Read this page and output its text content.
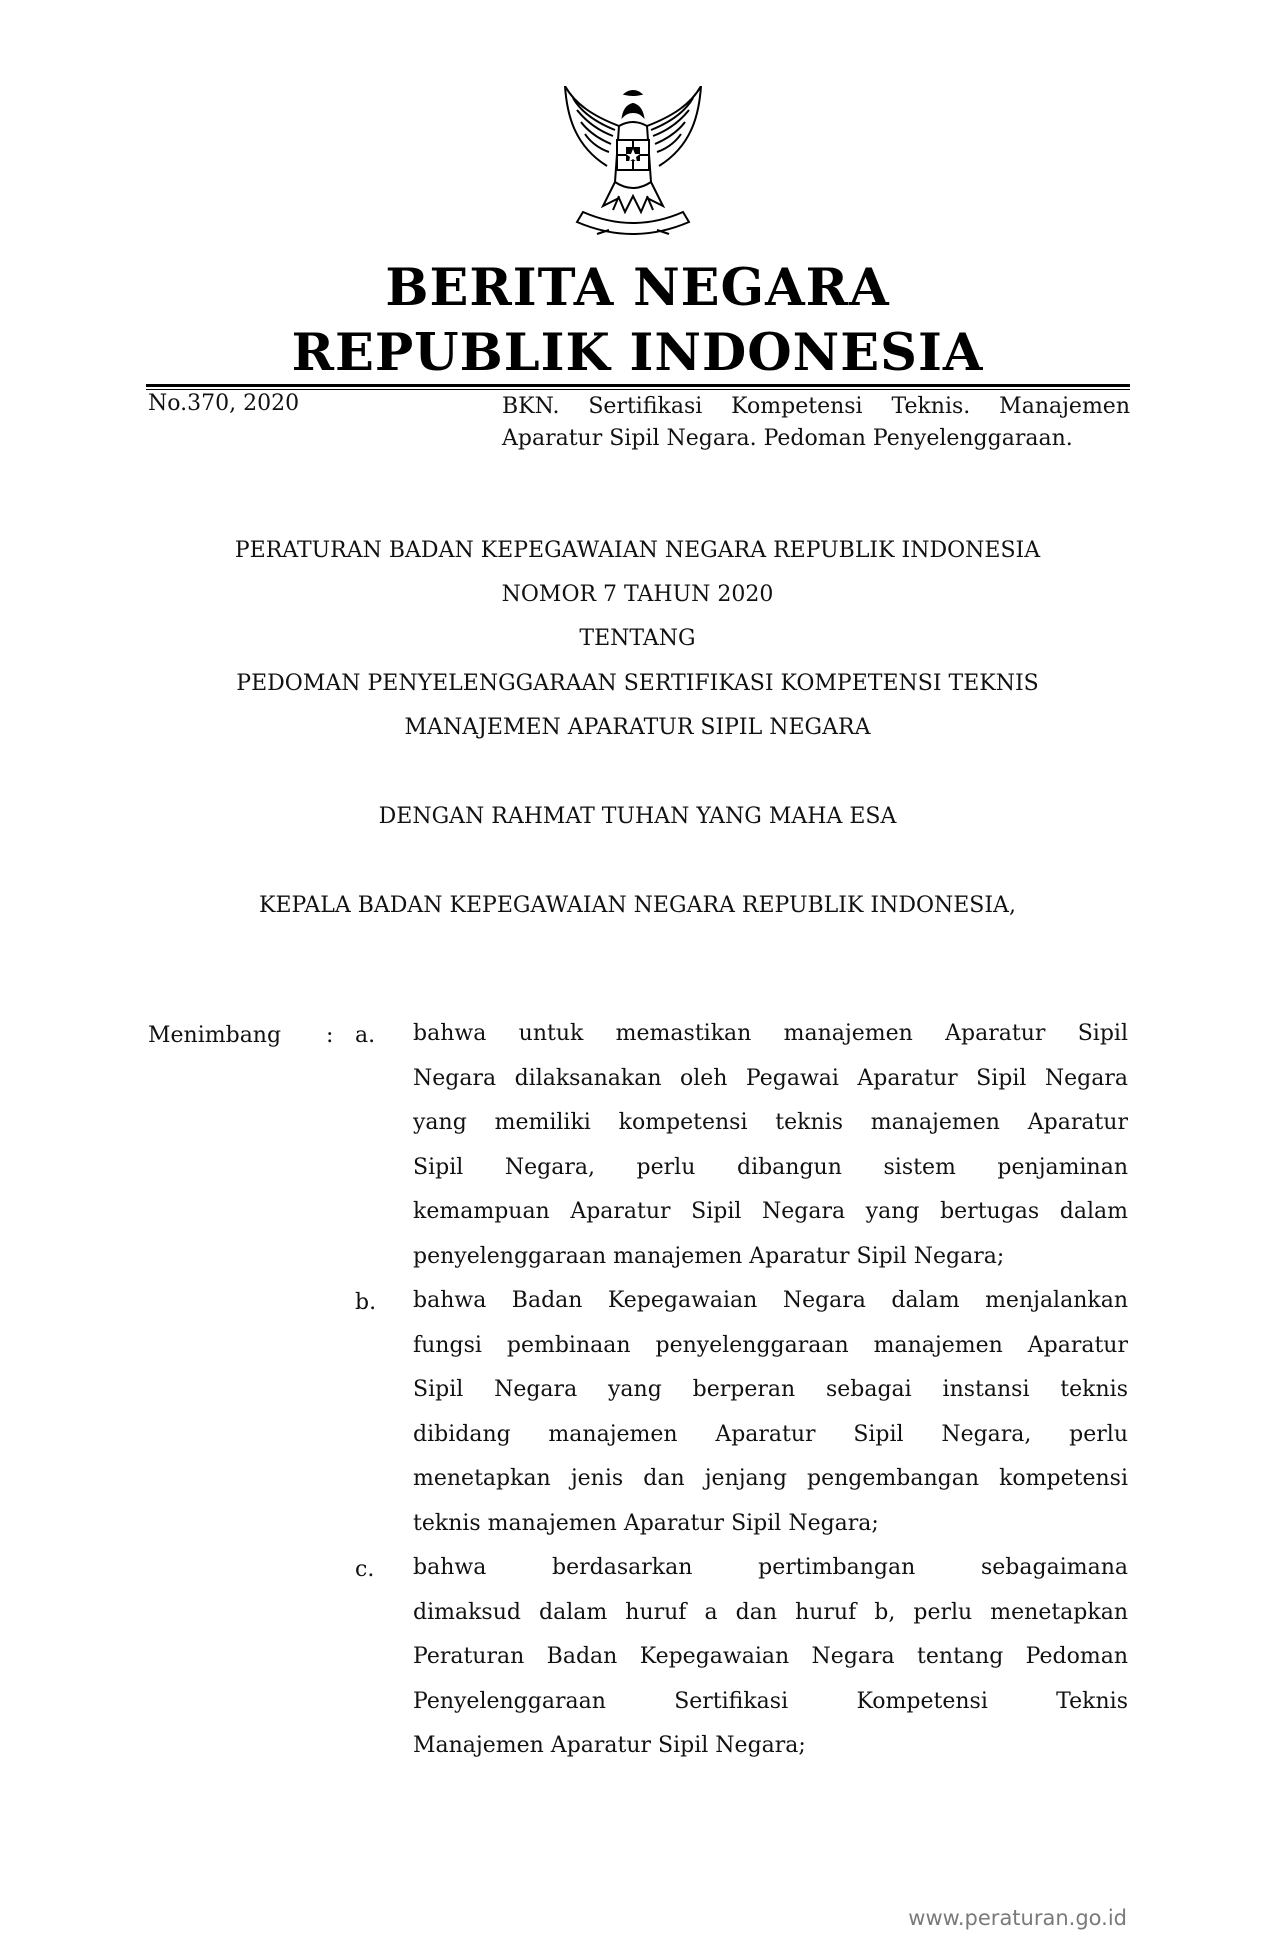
BERITA NEGARA
REPUBLIK INDONESIA
No.370, 2020	BKN. Sertifikasi Kompetensi Teknis. Manajemen
Aparatur Sipil Negara. Pedoman Penyelenggaraan.
PERATURAN BADAN KEPEGAWAIAN NEGARA REPUBLIK INDONESIA
NOMOR 7 TAHUN 2020
TENTANG
PEDOMAN PENYELENGGARAAN SERTIFIKASI KOMPETENSI TEKNIS
MANAJEMEN APARATUR SIPIL NEGARA
DENGAN RAHMAT TUHAN YANG MAHA ESA
KEPALA BADAN KEPEGAWAIAN NEGARA REPUBLIK INDONESIA,
Menimbang : a. bahwa untuk memastikan manajemen Aparatur Sipil
Negara dilaksanakan oleh Pegawai Aparatur Sipil Negara
yang memiliki kompetensi teknis manajemen Aparatur
Sipil Negara, perlu dibangun sistem penjaminan
kemampuan Aparatur Sipil Negara yang bertugas dalam
penyelenggaraan manajemen Aparatur Sipil Negara;
b. bahwa Badan Kepegawaian Negara dalam menjalankan
fungsi pembinaan penyelenggaraan manajemen Aparatur
Sipil Negara yang berperan sebagai instansi teknis
dibidang manajemen Aparatur Sipil Negara, perlu
menetapkan jenis dan jenjang pengembangan kompetensi
teknis manajemen Aparatur Sipil Negara;
c. bahwa berdasarkan pertimbangan sebagaimana
dimaksud dalam huruf a dan huruf b, perlu menetapkan
Peraturan Badan Kepegawaian Negara tentang Pedoman
Penyelenggaraan Sertifikasi Kompetensi Teknis
Manajemen Aparatur Sipil Negara;
www.peraturan.go.id
